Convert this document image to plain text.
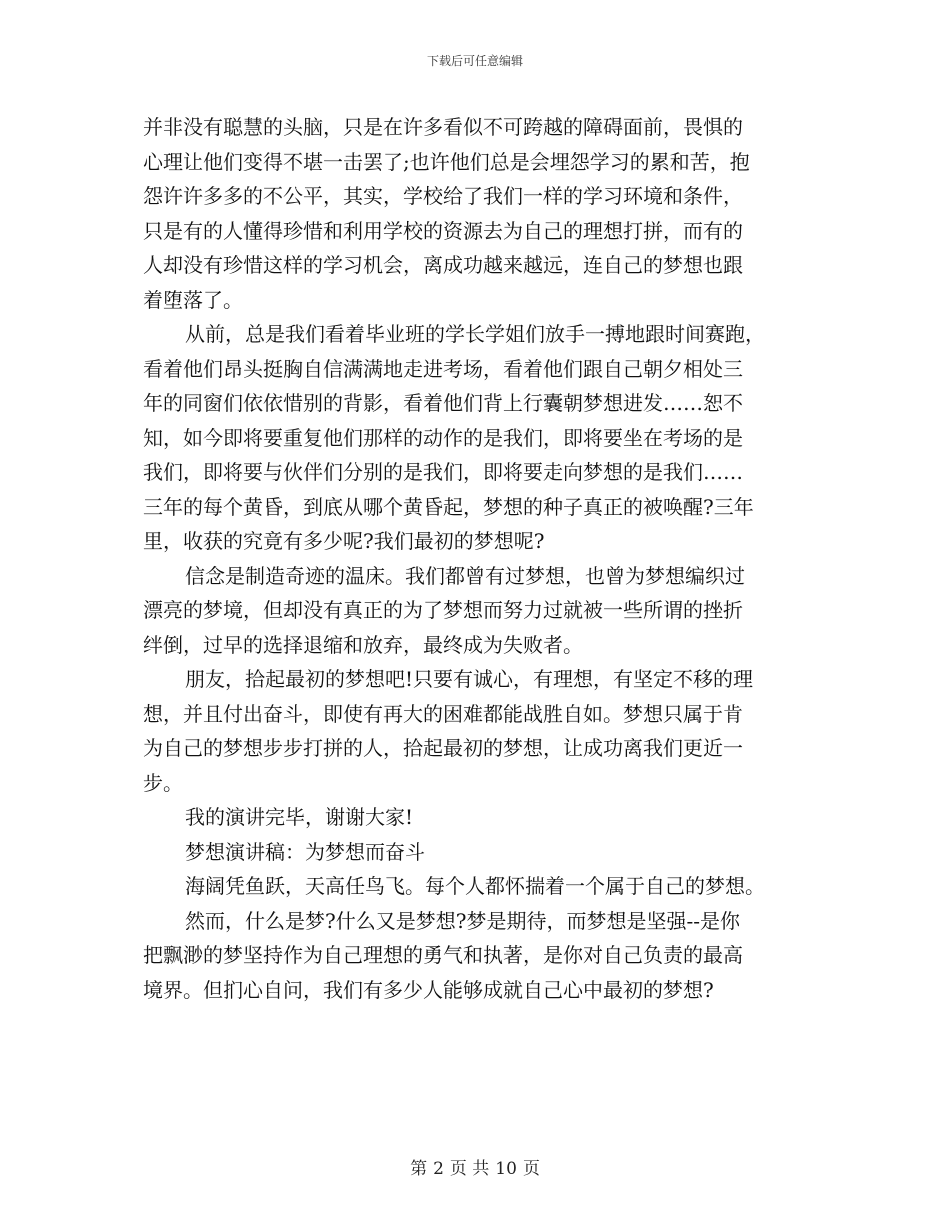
下载后可任意编辑
并非没有聪慧的头脑，只是在许多看似不可跨越的障碍面前，畏惧的
心理让他们变得不堪一击罢了;也许他们总是会埋怨学习的累和苦，抱
怨许许多多的不公平，其实，学校给了我们一样的学习环境和条件，
只是有的人懂得珍惜和利用学校的资源去为自己的理想打拼，而有的
人却没有珍惜这样的学习机会，离成功越来越远，连自己的梦想也跟
着堕落了。
从前，总是我们看着毕业班的学长学姐们放手一搏地跟时间赛跑，
看着他们昂头挺胸自信满满地走进考场，看着他们跟自己朝夕相处三
年的同窗们依依惜别的背影，看着他们背上行囊朝梦想进发……恕不
知，如今即将要重复他们那样的动作的是我们，即将要坐在考场的是
我们，即将要与伙伴们分别的是我们，即将要走向梦想的是我们……
三年的每个黄昏，到底从哪个黄昏起，梦想的种子真正的被唤醒?三年
里，收获的究竟有多少呢?我们最初的梦想呢?
信念是制造奇迹的温床。我们都曾有过梦想，也曾为梦想编织过
漂亮的梦境，但却没有真正的为了梦想而努力过就被一些所谓的挫折
绊倒，过早的选择退缩和放弃，最终成为失败者。
朋友，拾起最初的梦想吧!只要有诚心，有理想，有坚定不移的理
想，并且付出奋斗，即使有再大的困难都能战胜自如。梦想只属于肯
为自己的梦想步步打拼的人，拾起最初的梦想，让成功离我们更近一
步。
我的演讲完毕，谢谢大家!
梦想演讲稿：为梦想而奋斗
海阔凭鱼跃，天高任鸟飞。每个人都怀揣着一个属于自己的梦想。
然而，什么是梦?什么又是梦想?梦是期待，而梦想是坚强--是你
把飘渺的梦坚持作为自己理想的勇气和执著，是你对自己负责的最高
境界。但扪心自问，我们有多少人能够成就自己心中最初的梦想?
第 2 页 共 10 页
